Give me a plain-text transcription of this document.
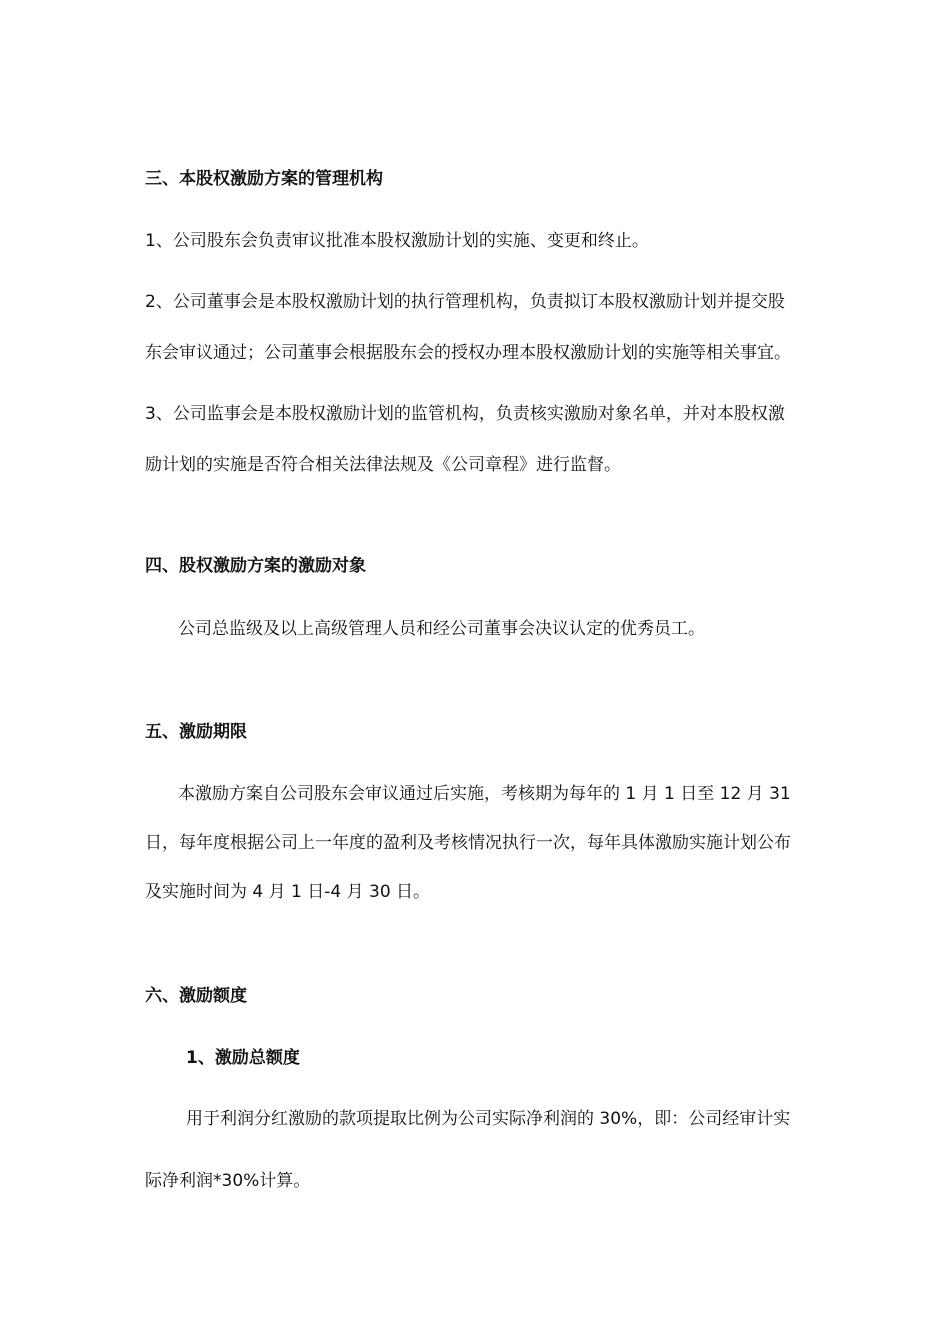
三、本股权激励方案的管理机构
1、公司股东会负责审议批准本股权激励计划的实施、变更和终止。
2、公司董事会是本股权激励计划的执行管理机构，负责拟订本股权激励计划并提交股
东会审议通过；公司董事会根据股东会的授权办理本股权激励计划的实施等相关事宜。
3、公司监事会是本股权激励计划的监管机构，负责核实激励对象名单，并对本股权激
励计划的实施是否符合相关法律法规及《公司章程》进行监督。
四、股权激励方案的激励对象
公司总监级及以上高级管理人员和经公司董事会决议认定的优秀员工。
五、激励期限
本激励方案自公司股东会审议通过后实施，考核期为每年的 1 月 1 日至 12 月 31
日，每年度根据公司上一年度的盈利及考核情况执行一次，每年具体激励实施计划公布
及实施时间为 4 月 1 日-4 月 30 日。
六、激励额度
1、激励总额度
用于利润分红激励的款项提取比例为公司实际净利润的 30%，即：公司经审计实
际净利润*30%计算。
